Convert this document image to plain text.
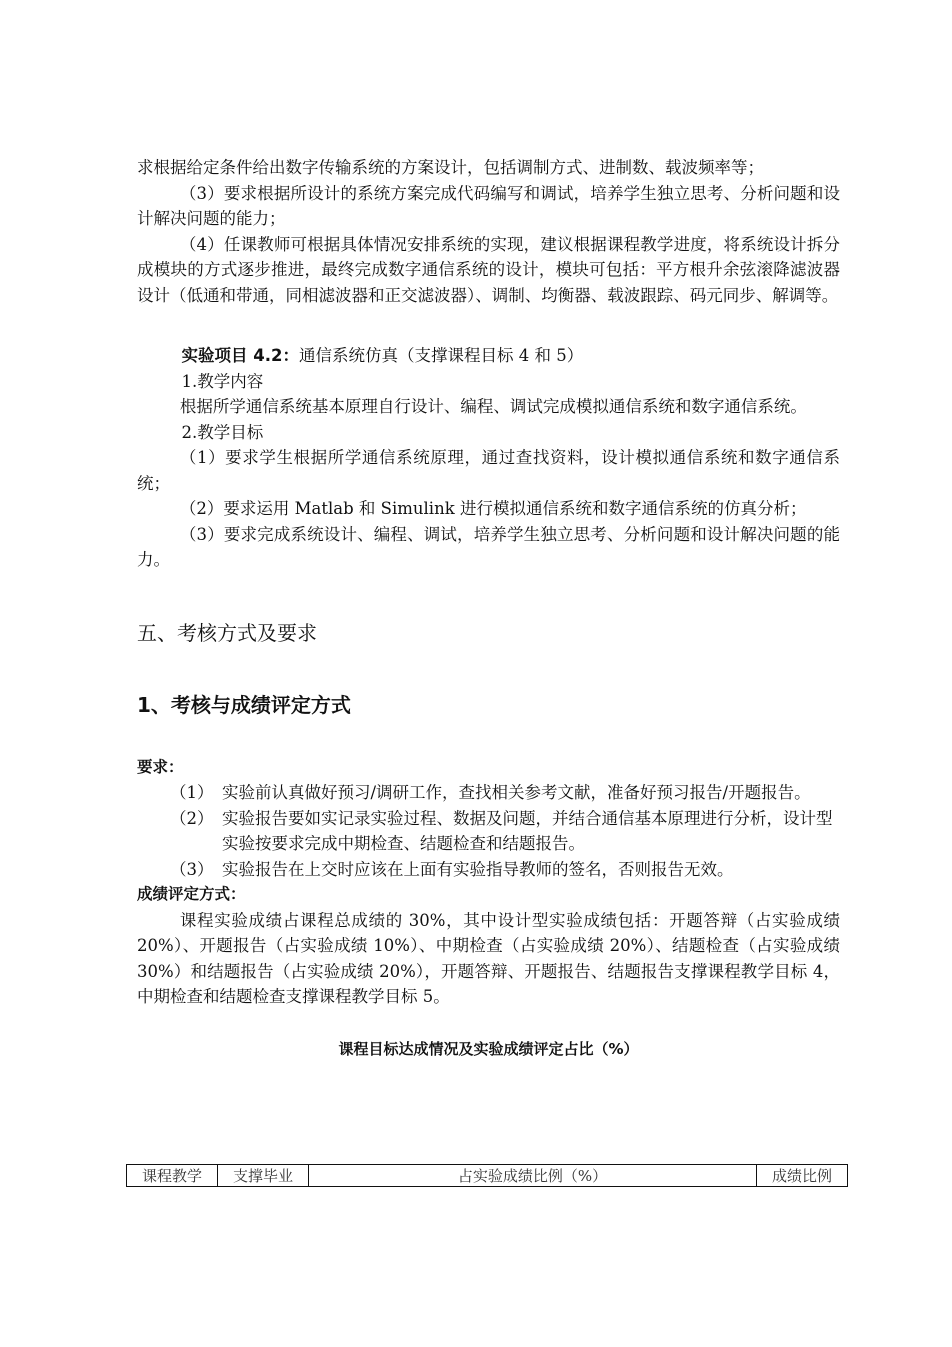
求根据给定条件给出数字传输系统的方案设计，包括调制方式、进制数、载波频率等；

（3）要求根据所设计的系统方案完成代码编写和调试，培养学生独立思考、分析问题和设计解决问题的能力；

（4）任课教师可根据具体情况安排系统的实现，建议根据课程教学进度，将系统设计拆分成模块的方式逐步推进，最终完成数字通信系统的设计，模块可包括：平方根升余弦滚降滤波器设计（低通和带通，同相滤波器和正交滤波器）、调制、均衡器、载波跟踪、码元同步、解调等。

实验项目 4.2：通信系统仿真（支撑课程目标 4 和 5）

1.教学内容

根据所学通信系统基本原理自行设计、编程、调试完成模拟通信系统和数字通信系统。

2.教学目标

（1）要求学生根据所学通信系统原理，通过查找资料，设计模拟通信系统和数字通信系统；

（2）要求运用 Matlab 和 Simulink 进行模拟通信系统和数字通信系统的仿真分析；

（3）要求完成系统设计、编程、调试，培养学生独立思考、分析问题和设计解决问题的能力。

五、考核方式及要求
1、考核与成绩评定方式

要求：

（1） 实验前认真做好预习/调研工作，查找相关参考文献，准备好预习报告/开题报告。
（2） 实验报告要如实记录实验过程、数据及问题，并结合通信基本原理进行分析，设计型实验按要求完成中期检查、结题检查和结题报告。
（3） 实验报告在上交时应该在上面有实验指导教师的签名，否则报告无效。

成绩评定方式：

课程实验成绩占课程总成绩的 30%，其中设计型实验成绩包括：开题答辩（占实验成绩 20%）、开题报告（占实验成绩 10%）、中期检查（占实验成绩 20%）、结题检查（占实验成绩 30%）和结题报告（占实验成绩 20%），开题答辩、开题报告、结题报告支撑课程教学目标 4，中期检查和结题检查支撑课程教学目标 5。

课程目标达成情况及实验成绩评定占比（%）

课程教学	支撑毕业	占实验成绩比例（%）	成绩比例
